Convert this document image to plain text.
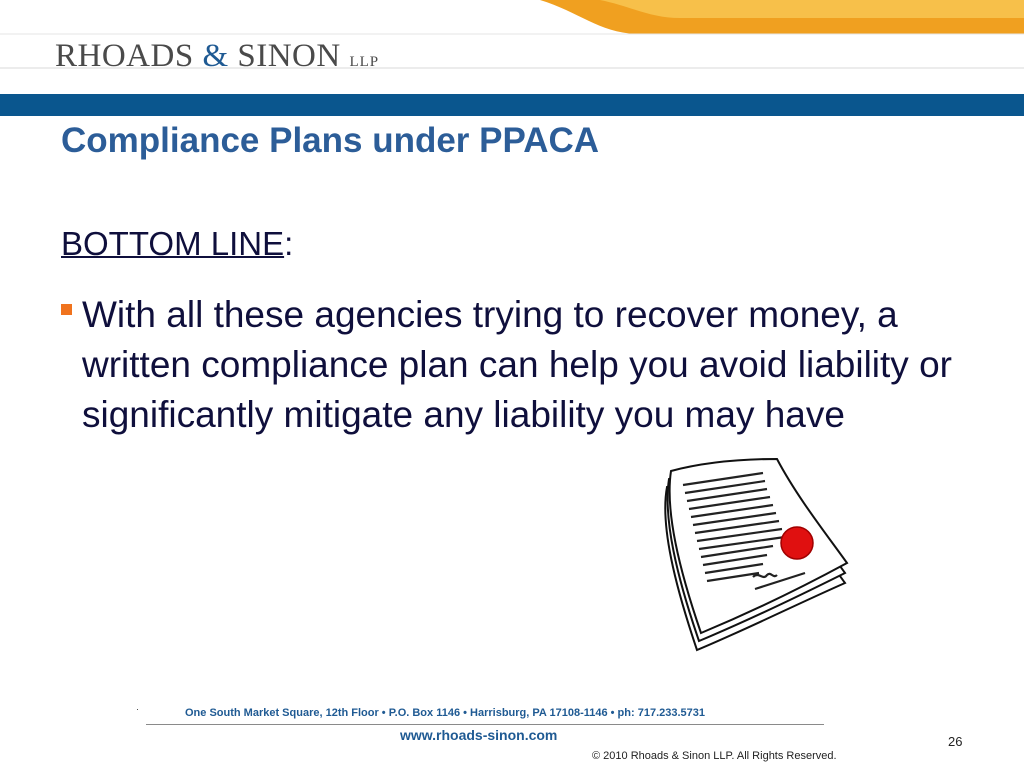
RHOADS & SINON LLP
Compliance Plans under PPACA
BOTTOM LINE:
With all these agencies trying to recover money, a written compliance plan can help you avoid liability or significantly mitigate any liability you may have
·	One South Market Square, 12th Floor • P.O. Box 1146 • Harrisburg, PA 17108-1146 • ph: 717.233.5731
www.rhoads-sinon.com	26
© 2010 Rhoads & Sinon LLP. All Rights Reserved.
